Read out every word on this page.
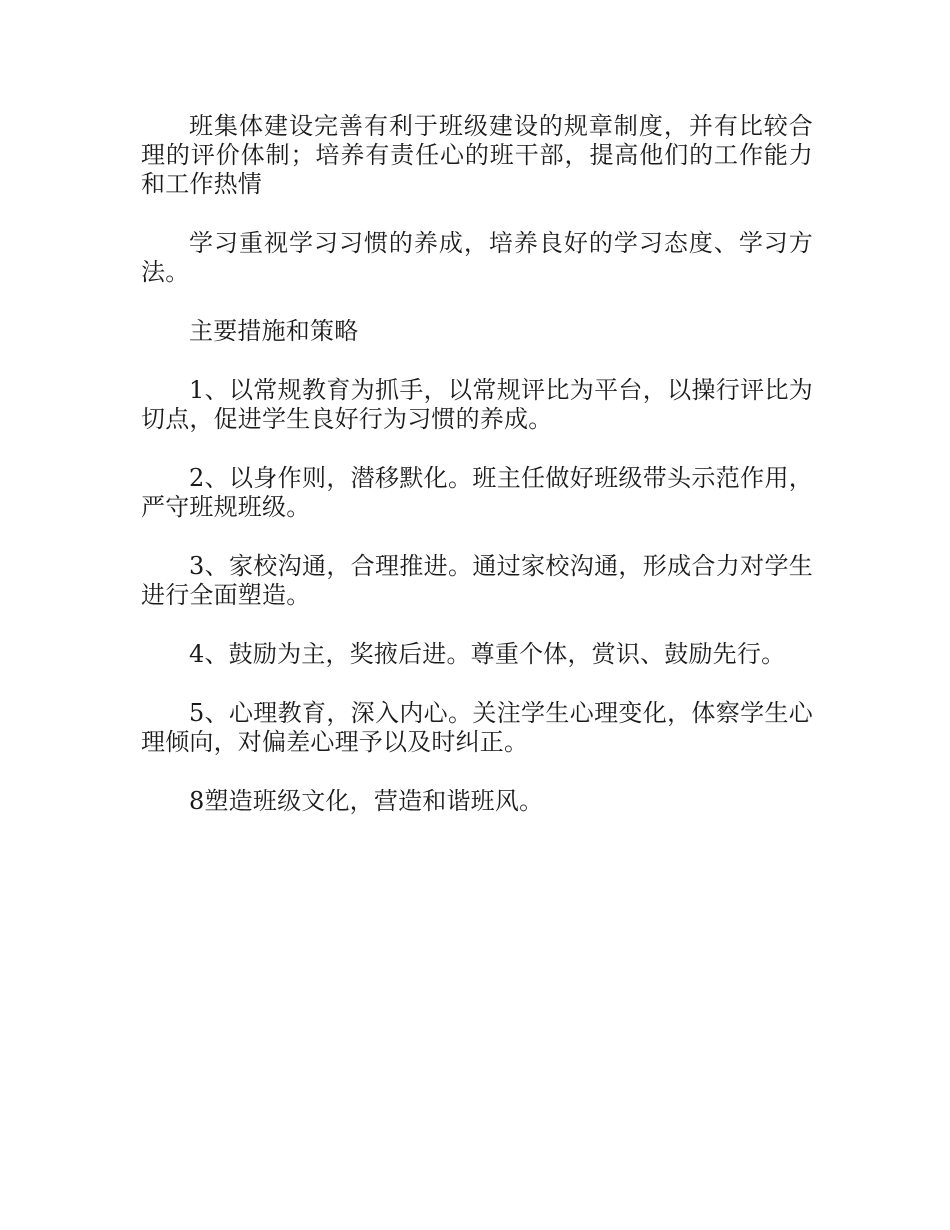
班集体建设完善有利于班级建设的规章制度，并有比较合理的评价体制；培养有责任心的班干部，提高他们的工作能力和工作热情

学习重视学习习惯的养成，培养良好的学习态度、学习方法。

主要措施和策略

1、以常规教育为抓手，以常规评比为平台，以操行评比为切点，促进学生良好行为习惯的养成。

2、以身作则，潜移默化。班主任做好班级带头示范作用，严守班规班级。

3、家校沟通，合理推进。通过家校沟通，形成合力对学生进行全面塑造。

4、鼓励为主，奖掖后进。尊重个体，赏识、鼓励先行。

5、心理教育，深入内心。关注学生心理变化，体察学生心理倾向，对偏差心理予以及时纠正。

8塑造班级文化，营造和谐班风。
